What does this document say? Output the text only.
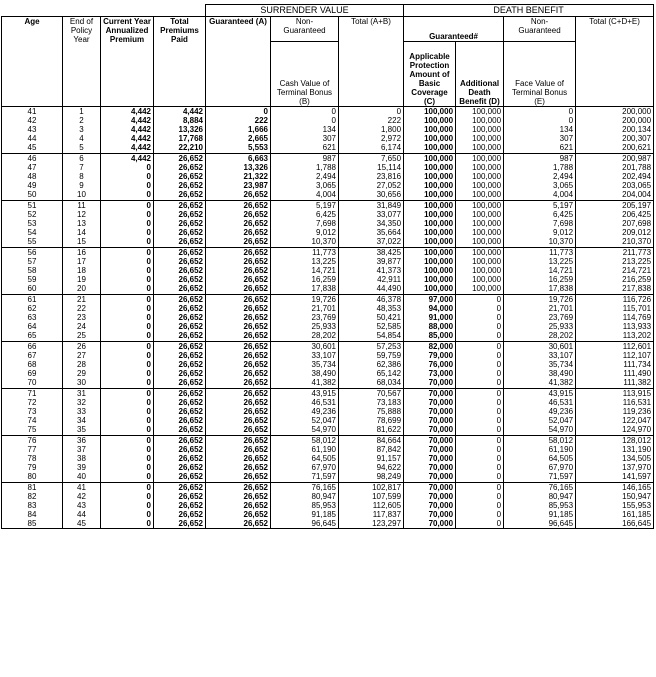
				SURRENDER VALUE			DEATH BENEFIT			
Age	End of Policy Year	Current Year Annualized Premium	Total Premiums Paid	Guaranteed (A)	Non-
Guaranteed	Total (A+B)	Guaranteed#		Non-
Guaranteed	Total (C+D+E)
					Cash Value of Terminal Bonus (B)		Applicable Protection Amount of Basic Coverage (C)	Additional Death Benefit (D)	Face Value of Terminal Bonus (E)	
41	1	4,442	4,442	0	0	0	100,000	100,000	0	200,000
42	2	4,442	8,884	222	0	222	100,000	100,000	0	200,000
43	3	4,442	13,326	1,666	134	1,800	100,000	100,000	134	200,134
44	4	4,442	17,768	2,665	307	2,972	100,000	100,000	307	200,307
45	5	4,442	22,210	5,553	621	6,174	100,000	100,000	621	200,621

46	6	4,442	26,652	6,663	987	7,650	100,000	100,000	987	200,987
47	7	0	26,652	13,326	1,788	15,114	100,000	100,000	1,788	201,788
48	8	0	26,652	21,322	2,494	23,816	100,000	100,000	2,494	202,494
49	9	0	26,652	23,987	3,065	27,052	100,000	100,000	3,065	203,065
50	10	0	26,652	26,652	4,004	30,656	100,000	100,000	4,004	204,004

51	11	0	26,652	26,652	5,197	31,849	100,000	100,000	5,197	205,197
52	12	0	26,652	26,652	6,425	33,077	100,000	100,000	6,425	206,425
53	13	0	26,652	26,652	7,698	34,350	100,000	100,000	7,698	207,698
54	14	0	26,652	26,652	9,012	35,664	100,000	100,000	9,012	209,012
55	15	0	26,652	26,652	10,370	37,022	100,000	100,000	10,370	210,370

56	16	0	26,652	26,652	11,773	38,425	100,000	100,000	11,773	211,773
57	17	0	26,652	26,652	13,225	39,877	100,000	100,000	13,225	213,225
58	18	0	26,652	26,652	14,721	41,373	100,000	100,000	14,721	214,721
59	19	0	26,652	26,652	16,259	42,911	100,000	100,000	16,259	216,259
60	20	0	26,652	26,652	17,838	44,490	100,000	100,000	17,838	217,838

61	21	0	26,652	26,652	19,726	46,378	97,000	0	19,726	116,726
62	22	0	26,652	26,652	21,701	48,353	94,000	0	21,701	115,701
63	23	0	26,652	26,652	23,769	50,421	91,000	0	23,769	114,769
64	24	0	26,652	26,652	25,933	52,585	88,000	0	25,933	113,933
65	25	0	26,652	26,652	28,202	54,854	85,000	0	28,202	113,202

66	26	0	26,652	26,652	30,601	57,253	82,000	0	30,601	112,601
67	27	0	26,652	26,652	33,107	59,759	79,000	0	33,107	112,107
68	28	0	26,652	26,652	35,734	62,386	76,000	0	35,734	111,734
69	29	0	26,652	26,652	38,490	65,142	73,000	0	38,490	111,490
70	30	0	26,652	26,652	41,382	68,034	70,000	0	41,382	111,382

71	31	0	26,652	26,652	43,915	70,567	70,000	0	43,915	113,915
72	32	0	26,652	26,652	46,531	73,183	70,000	0	46,531	116,531
73	33	0	26,652	26,652	49,236	75,888	70,000	0	49,236	119,236
74	34	0	26,652	26,652	52,047	78,699	70,000	0	52,047	122,047
75	35	0	26,652	26,652	54,970	81,622	70,000	0	54,970	124,970

76	36	0	26,652	26,652	58,012	84,664	70,000	0	58,012	128,012
77	37	0	26,652	26,652	61,190	87,842	70,000	0	61,190	131,190
78	38	0	26,652	26,652	64,505	91,157	70,000	0	64,505	134,505
79	39	0	26,652	26,652	67,970	94,622	70,000	0	67,970	137,970
80	40	0	26,652	26,652	71,597	98,249	70,000	0	71,597	141,597

81	41	0	26,652	26,652	76,165	102,817	70,000	0	76,165	146,165
82	42	0	26,652	26,652	80,947	107,599	70,000	0	80,947	150,947
83	43	0	26,652	26,652	85,953	112,605	70,000	0	85,953	155,953
84	44	0	26,652	26,652	91,185	117,837	70,000	0	91,185	161,185
85	45	0	26,652	26,652	96,645	123,297	70,000	0	96,645	166,645
